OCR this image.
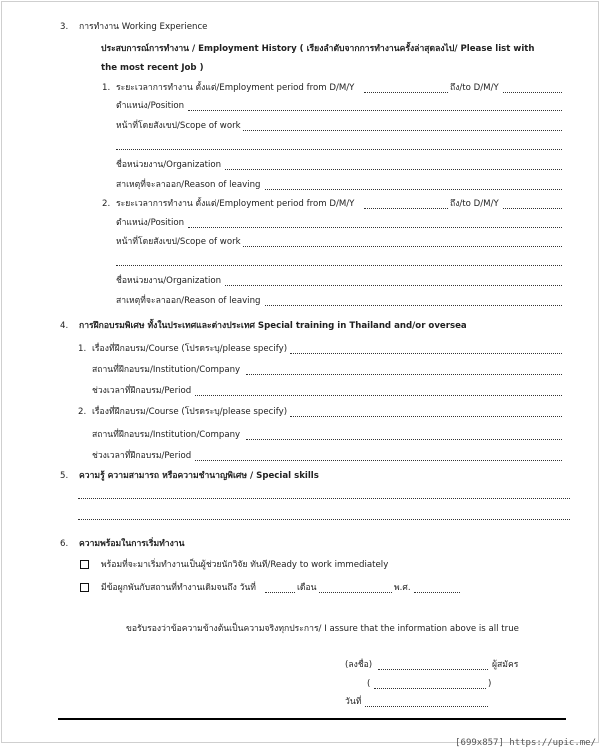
3. การทำงาน Working Experience
ประสบการณ์การทำงาน / Employment History ( เรียงลำดับจากการทำงานครั้งล่าสุดลงไป/ Please list with
the most recent Job )
1. ระยะเวลาการทำงาน ตั้งแต่/Employment period from D/M/Y	ถึง/to D/M/Y
ตำแหน่ง/Position
หน้าที่โดยสังเขป/Scope of work
ชื่อหน่วยงาน/Organization
สาเหตุที่จะลาออก/Reason of leaving
2. ระยะเวลาการทำงาน ตั้งแต่/Employment period from D/M/Y	ถึง/to D/M/Y
ตำแหน่ง/Position
หน้าที่โดยสังเขป/Scope of work
ชื่อหน่วยงาน/Organization
สาเหตุที่จะลาออก/Reason of leaving
4. การฝึกอบรมพิเศษ ทั้งในประเทศและต่างประเทศ Special training in Thailand and/or oversea
1. เรื่องที่ฝึกอบรม/Course (โปรดระบุ/please specify)
สถานที่ฝึกอบรม/Institution/Company
ช่วงเวลาที่ฝึกอบรม/Period
2. เรื่องที่ฝึกอบรม/Course (โปรดระบุ/please specify)
สถานที่ฝึกอบรม/Institution/Company
ช่วงเวลาที่ฝึกอบรม/Period
5. ความรู้ ความสามารถ หรือความชำนาญพิเศษ / Special skills
6. ความพร้อมในการเริ่มทำงาน
พร้อมที่จะมาเริ่มทำงานเป็นผู้ช่วยนักวิจัย ทันที/Ready to work immediately
มีข้อผูกพันกับสถานที่ทำงานเดิมจนถึง วันที่	เดือน	พ.ศ.
ขอรับรองว่าข้อความข้างต้นเป็นความจริงทุกประการ/ I assure that the information above is all true
(ลงชื่อ)	ผู้สมัคร
(	)
วันที่
[699x857] https://upic.me/
